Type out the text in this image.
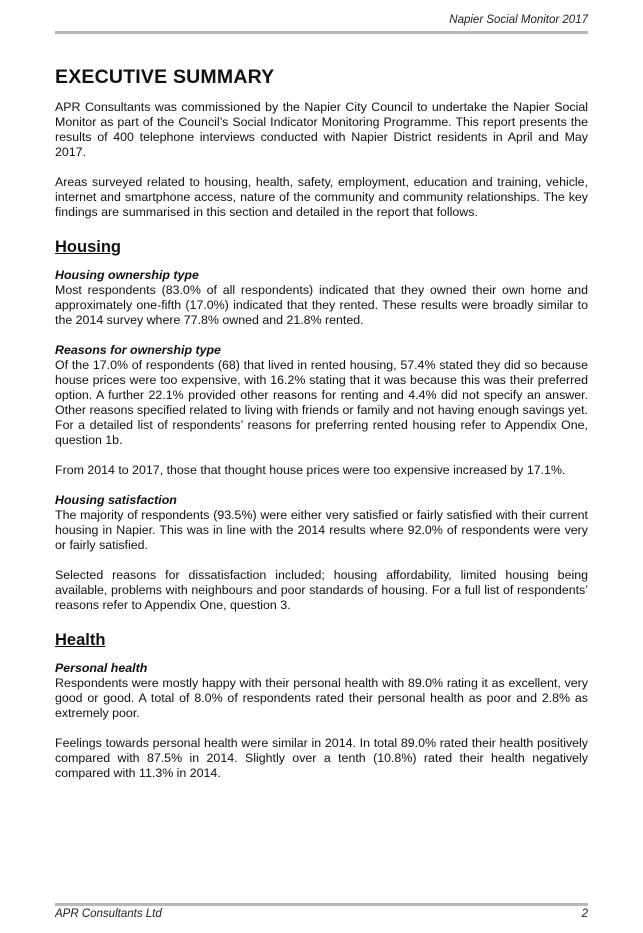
Napier Social Monitor 2017
EXECUTIVE SUMMARY

APR Consultants was commissioned by the Napier City Council to undertake the Napier Social Monitor as part of the Council’s Social Indicator Monitoring Programme. This report presents the results of 400 telephone interviews conducted with Napier District residents in April and May 2017.

Areas surveyed related to housing, health, safety, employment, education and training, vehicle, internet and smartphone access, nature of the community and community relationships. The key findings are summarised in this section and detailed in the report that follows.

Housing
Housing ownership type

Most respondents (83.0% of all respondents) indicated that they owned their own home and approximately one-fifth (17.0%) indicated that they rented. These results were broadly similar to the 2014 survey where 77.8% owned and 21.8% rented.

Reasons for ownership type

Of the 17.0% of respondents (68) that lived in rented housing, 57.4% stated they did so because house prices were too expensive, with 16.2% stating that it was because this was their preferred option. A further 22.1% provided other reasons for renting and 4.4% did not specify an answer. Other reasons specified related to living with friends or family and not having enough savings yet. For a detailed list of respondents’ reasons for preferring rented housing refer to Appendix One, question 1b.

From 2014 to 2017, those that thought house prices were too expensive increased by 17.1%.

Housing satisfaction

The majority of respondents (93.5%) were either very satisfied or fairly satisfied with their current housing in Napier. This was in line with the 2014 results where 92.0% of respondents were very or fairly satisfied.

Selected reasons for dissatisfaction included; housing affordability, limited housing being available, problems with neighbours and poor standards of housing. For a full list of respondents’ reasons refer to Appendix One, question 3.

Health
Personal health

Respondents were mostly happy with their personal health with 89.0% rating it as excellent, very good or good. A total of 8.0% of respondents rated their personal health as poor and 2.8% as extremely poor.

Feelings towards personal health were similar in 2014. In total 89.0% rated their health positively compared with 87.5% in 2014. Slightly over a tenth (10.8%) rated their health negatively compared with 11.3% in 2014.

APR Consultants Ltd	2
